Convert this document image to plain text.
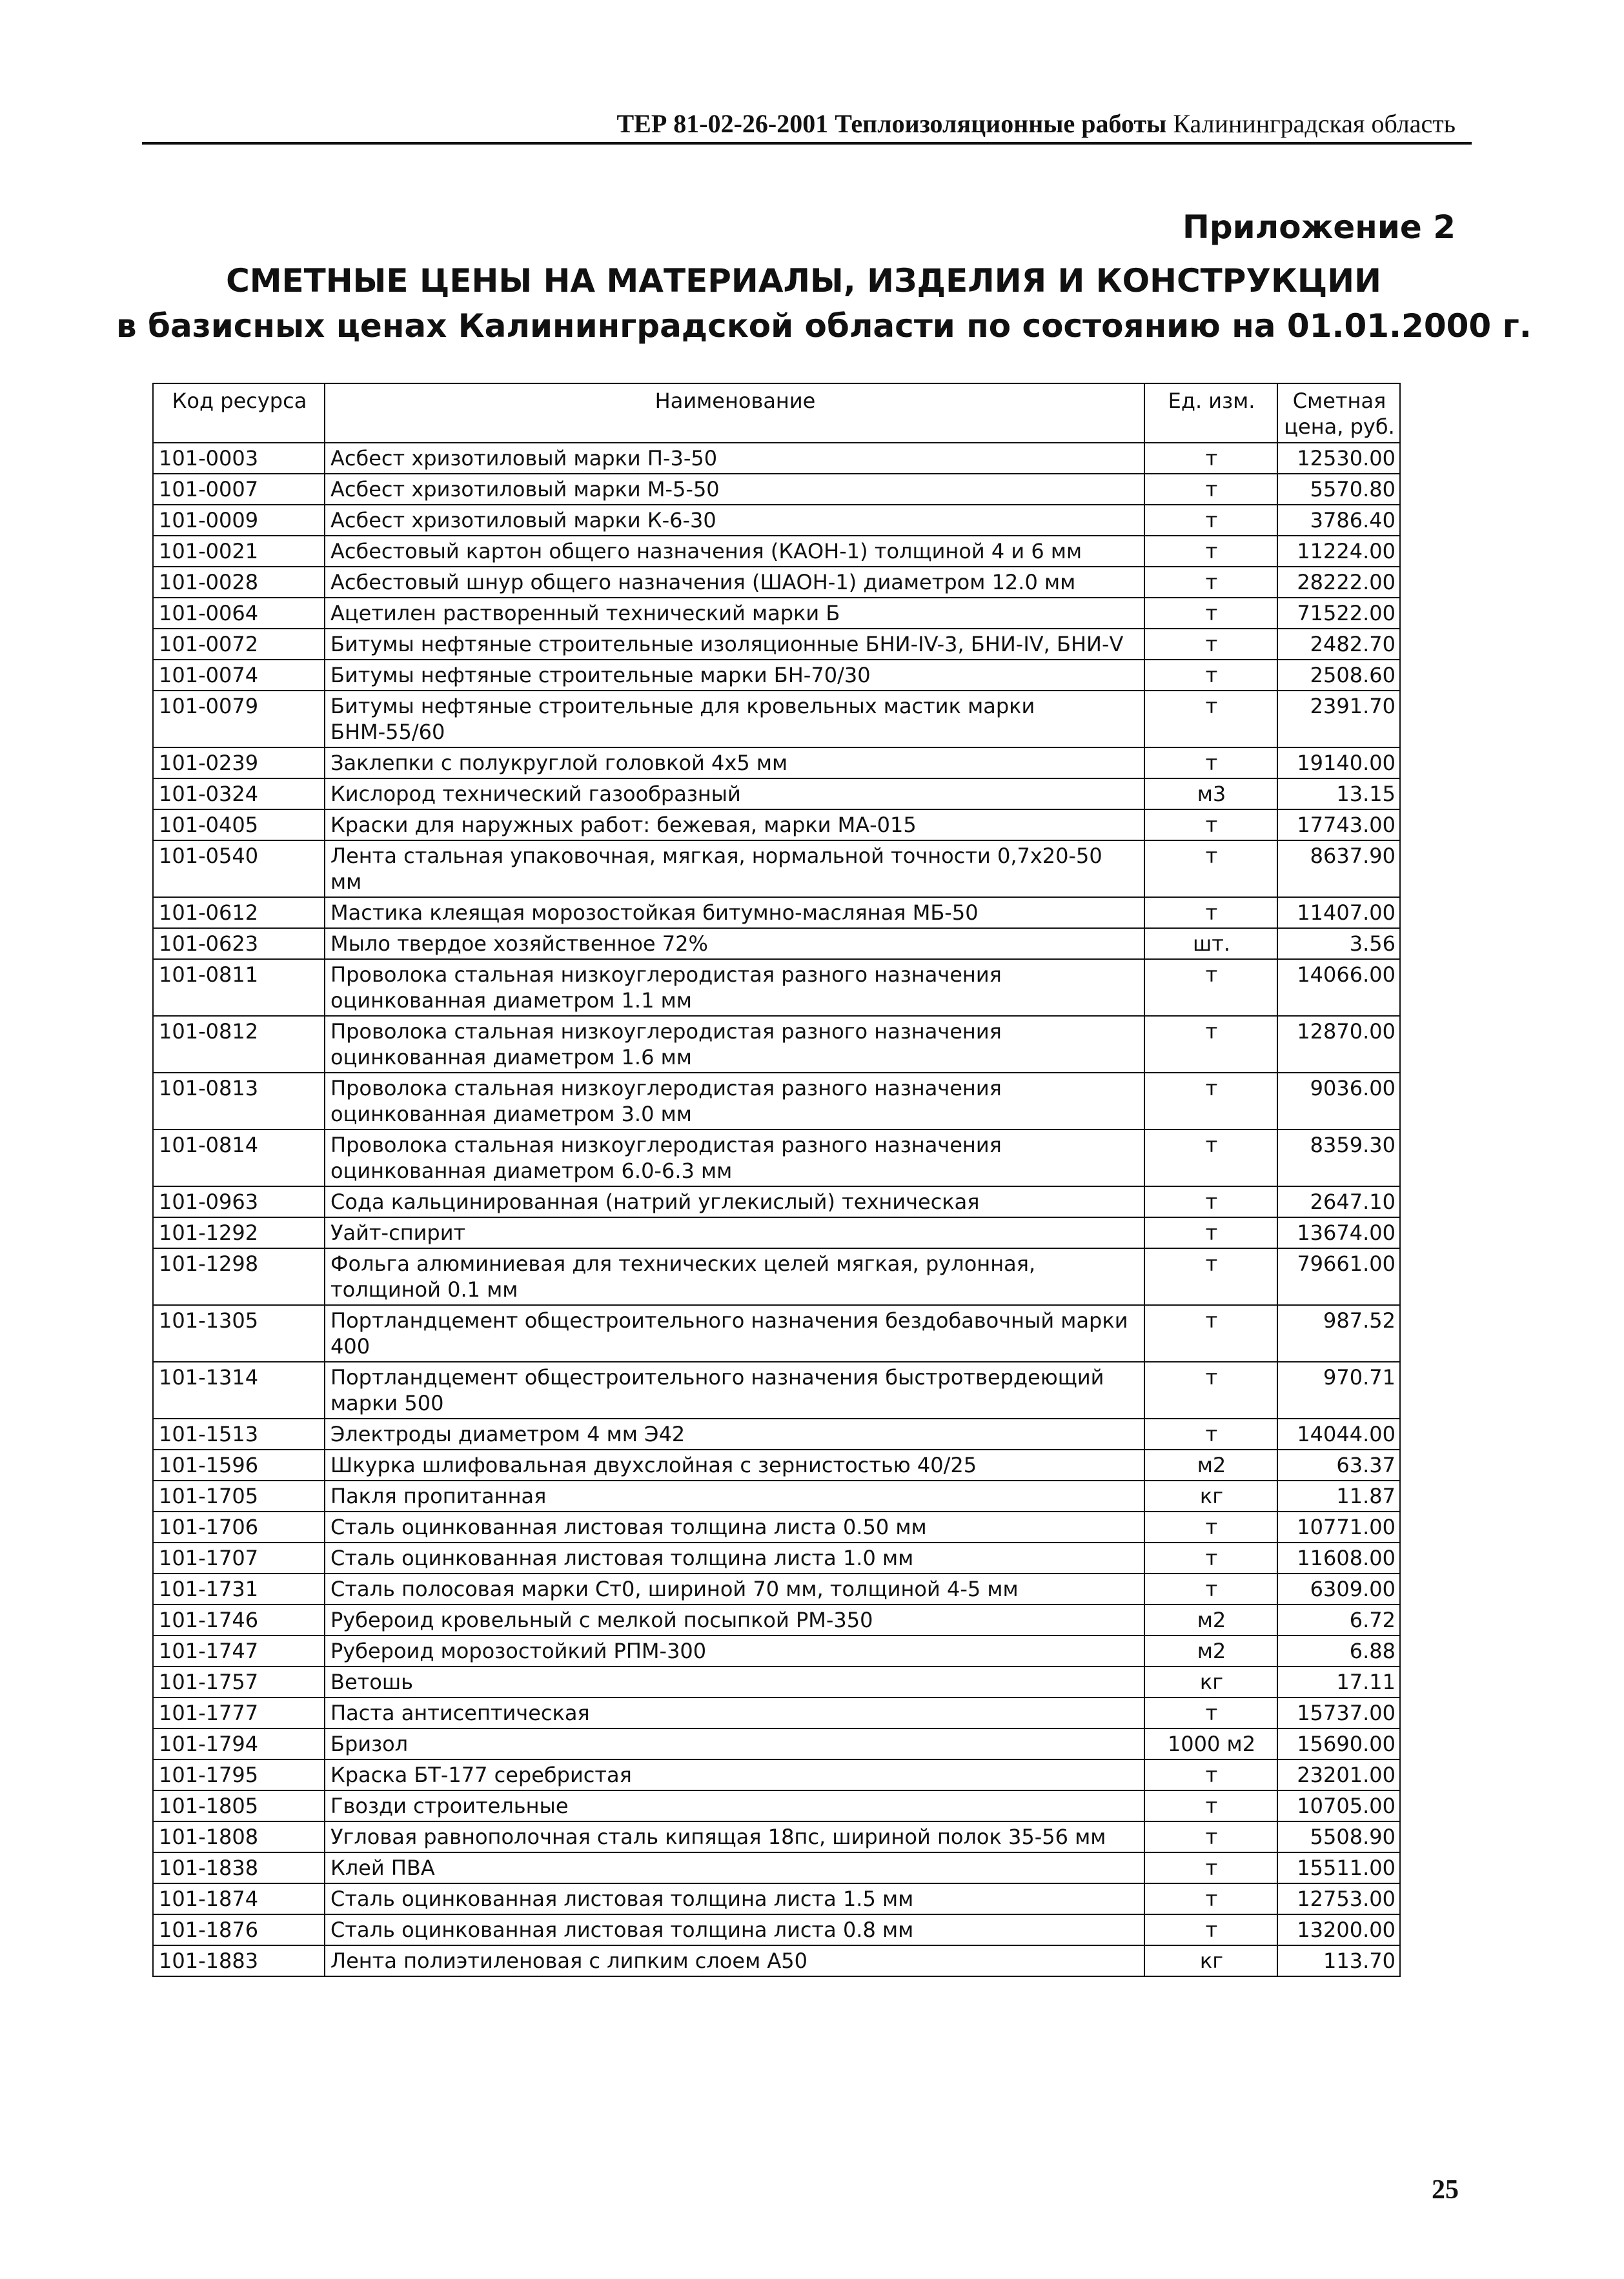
ТЕР 81-02-26-2001 Теплоизоляционные работы Калининградская область
Приложение 2
СМЕТНЫЕ ЦЕНЫ НА МАТЕРИАЛЫ, ИЗДЕЛИЯ И КОНСТРУКЦИИ
в базисных ценах Калининградской области по состоянию на 01.01.2000 г.
Код ресурса	Наименование	Ед. изм.	Сметная цена, руб.
101-0003	Асбест хризотиловый марки П-3-50	т	12530.00
101-0007	Асбест хризотиловый марки М-5-50	т	5570.80
101-0009	Асбест хризотиловый марки К-6-30	т	3786.40
101-0021	Асбестовый картон общего назначения (КАОН-1) толщиной 4 и 6 мм	т	11224.00
101-0028	Асбестовый шнур общего назначения (ШАОН-1) диаметром 12.0 мм	т	28222.00
101-0064	Ацетилен растворенный технический марки Б	т	71522.00
101-0072	Битумы нефтяные строительные изоляционные БНИ-IV-3, БНИ-IV, БНИ-V	т	2482.70
101-0074	Битумы нефтяные строительные марки БН-70/30	т	2508.60
101-0079	Битумы нефтяные строительные для кровельных мастик марки БНМ-55/60	т	2391.70
101-0239	Заклепки с полукруглой головкой 4х5 мм	т	19140.00
101-0324	Кислород технический газообразный	м3	13.15
101-0405	Краски для наружных работ: бежевая, марки МА-015	т	17743.00
101-0540	Лента стальная упаковочная, мягкая, нормальной точности 0,7х20-50 мм	т	8637.90
101-0612	Мастика клеящая морозостойкая битумно-масляная МБ-50	т	11407.00
101-0623	Мыло твердое хозяйственное 72%	шт.	3.56
101-0811	Проволока стальная низкоуглеродистая разного назначения оцинкованная диаметром 1.1 мм	т	14066.00
101-0812	Проволока стальная низкоуглеродистая разного назначения оцинкованная диаметром 1.6 мм	т	12870.00
101-0813	Проволока стальная низкоуглеродистая разного назначения оцинкованная диаметром 3.0 мм	т	9036.00
101-0814	Проволока стальная низкоуглеродистая разного назначения оцинкованная диаметром 6.0-6.3 мм	т	8359.30
101-0963	Сода кальцинированная (натрий углекислый) техническая	т	2647.10
101-1292	Уайт-спирит	т	13674.00
101-1298	Фольга алюминиевая для технических целей мягкая, рулонная, толщиной 0.1 мм	т	79661.00
101-1305	Портландцемент общестроительного назначения бездобавочный марки 400	т	987.52
101-1314	Портландцемент общестроительного назначения быстротвердеющий марки 500	т	970.71
101-1513	Электроды диаметром 4 мм Э42	т	14044.00
101-1596	Шкурка шлифовальная двухслойная с зернистостью 40/25	м2	63.37
101-1705	Пакля пропитанная	кг	11.87
101-1706	Сталь оцинкованная листовая толщина листа 0.50 мм	т	10771.00
101-1707	Сталь оцинкованная листовая толщина листа 1.0 мм	т	11608.00
101-1731	Сталь полосовая марки Ст0, шириной 70 мм, толщиной 4-5 мм	т	6309.00
101-1746	Рубероид кровельный с мелкой посыпкой РМ-350	м2	6.72
101-1747	Рубероид морозостойкий РПМ-300	м2	6.88
101-1757	Ветошь	кг	17.11
101-1777	Паста антисептическая	т	15737.00
101-1794	Бризол	1000 м2	15690.00
101-1795	Краска БТ-177 серебристая	т	23201.00
101-1805	Гвозди строительные	т	10705.00
101-1808	Угловая равнополочная сталь кипящая 18пс, шириной полок 35-56 мм	т	5508.90
101-1838	Клей ПВА	т	15511.00
101-1874	Сталь оцинкованная листовая толщина листа 1.5 мм	т	12753.00
101-1876	Сталь оцинкованная листовая толщина листа 0.8 мм	т	13200.00
101-1883	Лента полиэтиленовая с липким слоем А50	кг	113.70
25
